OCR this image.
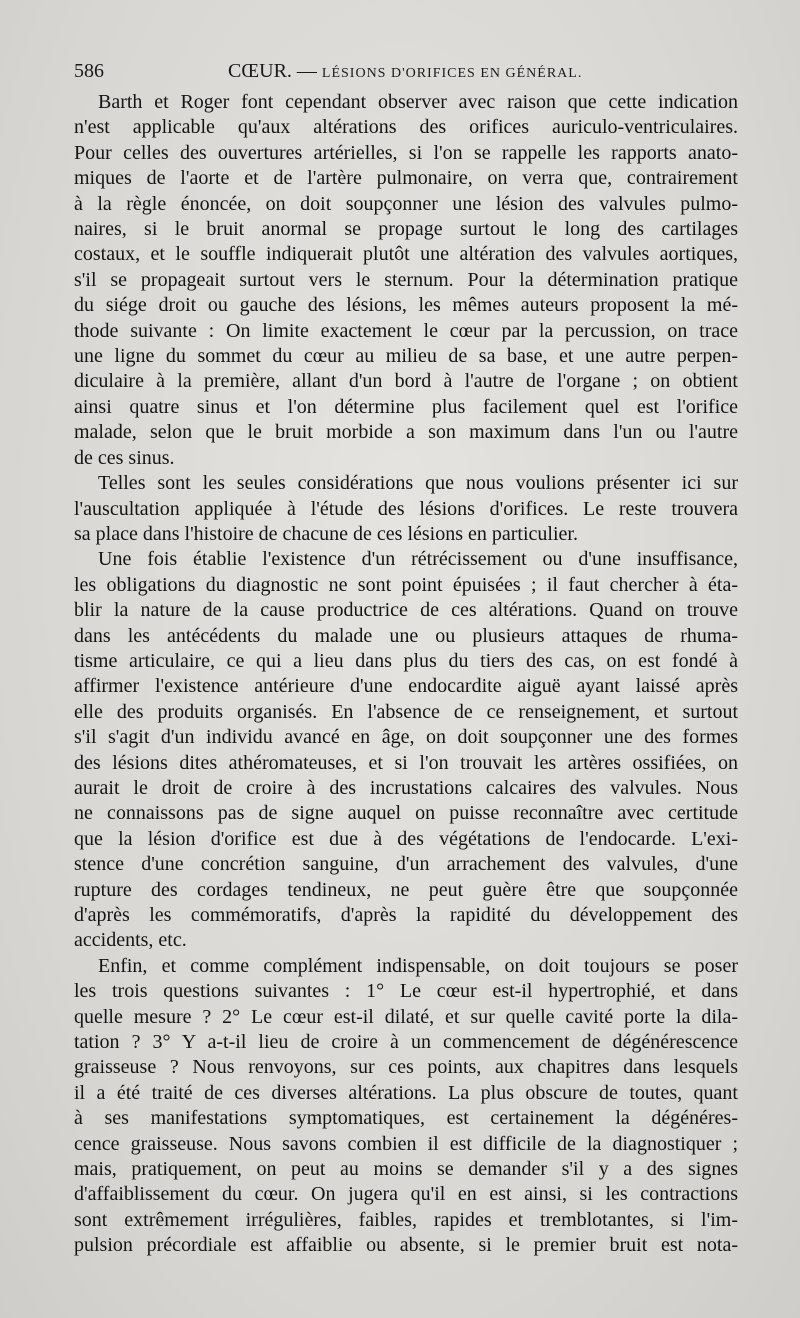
586	CŒUR. — LÉSIONS D'ORIFICES EN GÉNÉRAL.
Barth et Roger font cependant observer avec raison que cette indication
n'est applicable qu'aux altérations des orifices auriculo-ventriculaires.
Pour celles des ouvertures artérielles, si l'on se rappelle les rapports anato-
miques de l'aorte et de l'artère pulmonaire, on verra que, contrairement
à la règle énoncée, on doit soupçonner une lésion des valvules pulmo-
naires, si le bruit anormal se propage surtout le long des cartilages
costaux, et le souffle indiquerait plutôt une altération des valvules aortiques,
s'il se propageait surtout vers le sternum. Pour la détermination pratique
du siége droit ou gauche des lésions, les mêmes auteurs proposent la mé-
thode suivante : On limite exactement le cœur par la percussion, on trace
une ligne du sommet du cœur au milieu de sa base, et une autre perpen-
diculaire à la première, allant d'un bord à l'autre de l'organe ; on obtient
ainsi quatre sinus et l'on détermine plus facilement quel est l'orifice
malade, selon que le bruit morbide a son maximum dans l'un ou l'autre
de ces sinus.
Telles sont les seules considérations que nous voulions présenter ici sur
l'auscultation appliquée à l'étude des lésions d'orifices. Le reste trouvera
sa place dans l'histoire de chacune de ces lésions en particulier.
Une fois établie l'existence d'un rétrécissement ou d'une insuffisance,
les obligations du diagnostic ne sont point épuisées ; il faut chercher à éta-
blir la nature de la cause productrice de ces altérations. Quand on trouve
dans les antécédents du malade une ou plusieurs attaques de rhuma-
tisme articulaire, ce qui a lieu dans plus du tiers des cas, on est fondé à
affirmer l'existence antérieure d'une endocardite aiguë ayant laissé après
elle des produits organisés. En l'absence de ce renseignement, et surtout
s'il s'agit d'un individu avancé en âge, on doit soupçonner une des formes
des lésions dites athéromateuses, et si l'on trouvait les artères ossifiées, on
aurait le droit de croire à des incrustations calcaires des valvules. Nous
ne connaissons pas de signe auquel on puisse reconnaître avec certitude
que la lésion d'orifice est due à des végétations de l'endocarde. L'exi-
stence d'une concrétion sanguine, d'un arrachement des valvules, d'une
rupture des cordages tendineux, ne peut guère être que soupçonnée
d'après les commémoratifs, d'après la rapidité du développement des
accidents, etc.
Enfin, et comme complément indispensable, on doit toujours se poser
les trois questions suivantes : 1° Le cœur est-il hypertrophié, et dans
quelle mesure ? 2° Le cœur est-il dilaté, et sur quelle cavité porte la dila-
tation ? 3° Y a-t-il lieu de croire à un commencement de dégénérescence
graisseuse ? Nous renvoyons, sur ces points, aux chapitres dans lesquels
il a été traité de ces diverses altérations. La plus obscure de toutes, quant
à ses manifestations symptomatiques, est certainement la dégénéres-
cence graisseuse. Nous savons combien il est difficile de la diagnostiquer ;
mais, pratiquement, on peut au moins se demander s'il y a des signes
d'affaiblissement du cœur. On jugera qu'il en est ainsi, si les contractions
sont extrêmement irrégulières, faibles, rapides et tremblotantes, si l'im-
pulsion précordiale est affaiblie ou absente, si le premier bruit est nota-
